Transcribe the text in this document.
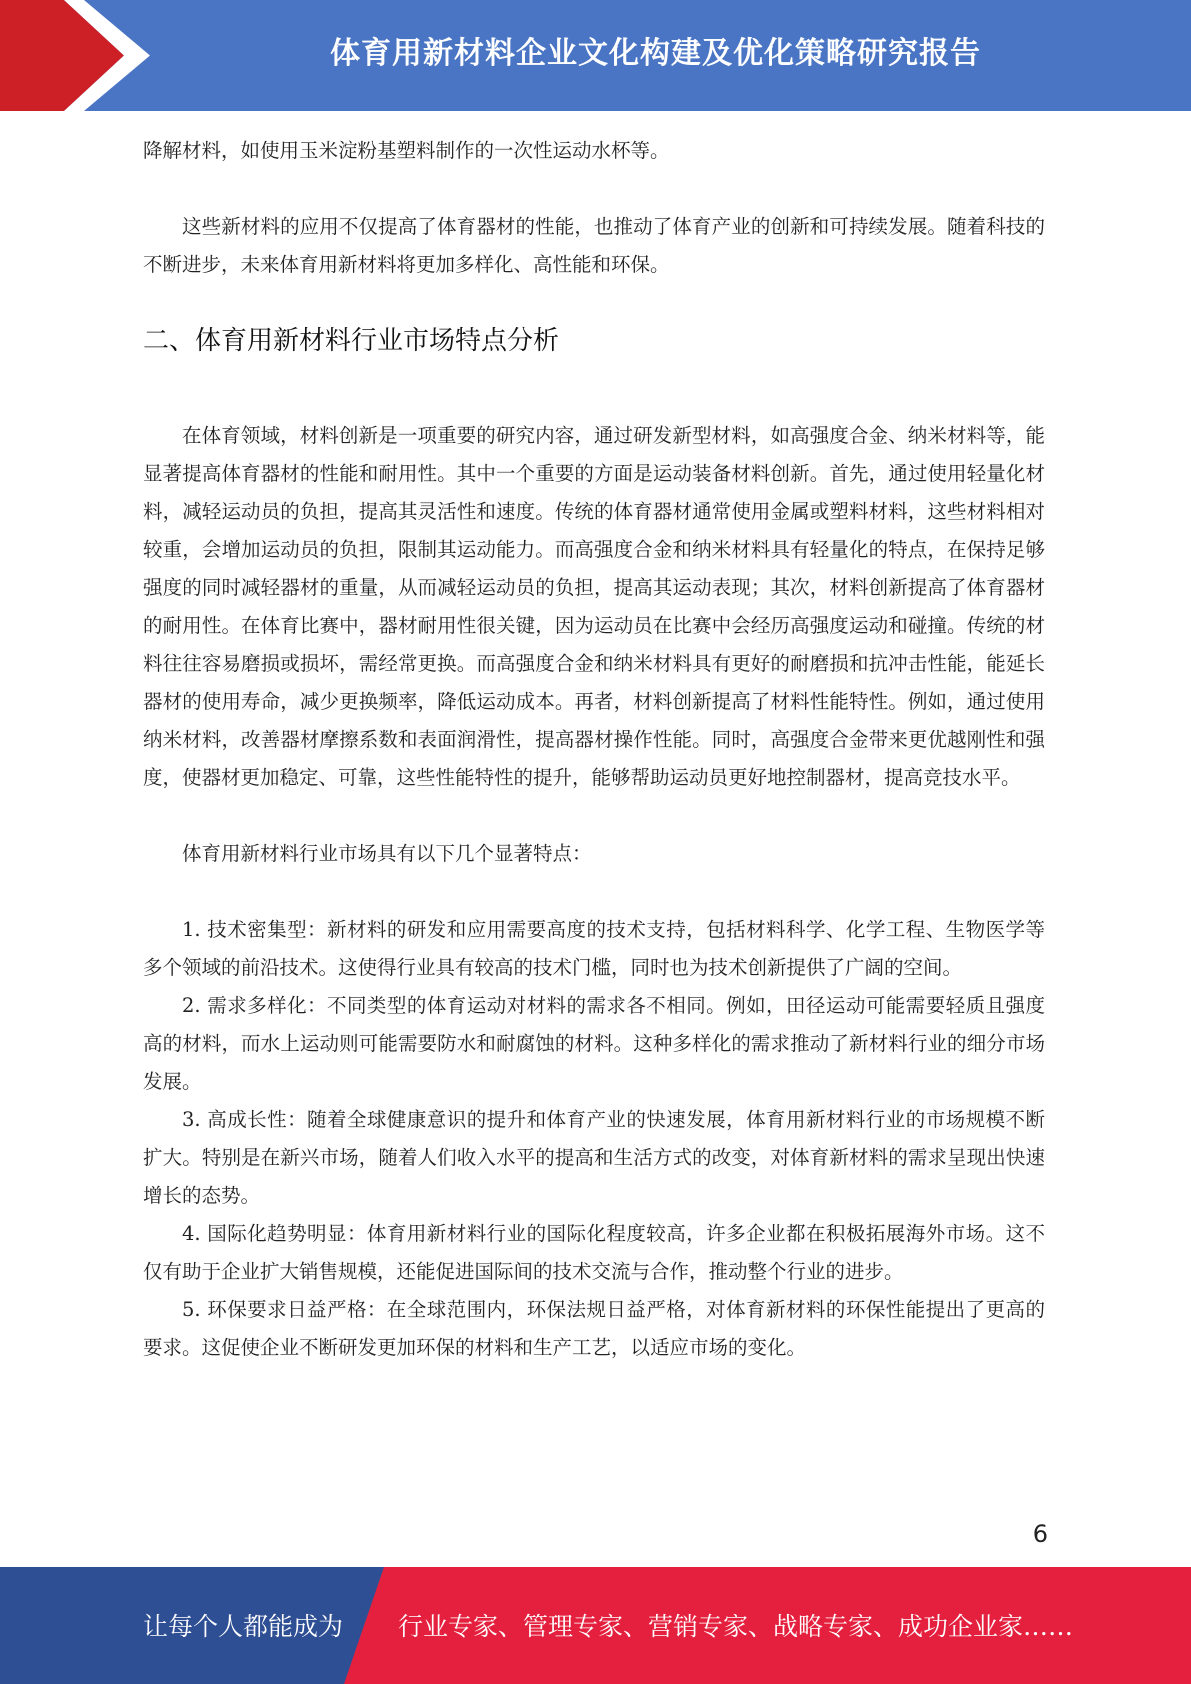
体育用新材料企业文化构建及优化策略研究报告

降解材料，如使用玉米淀粉基塑料制作的一次性运动水杯等。

这些新材料的应用不仅提高了体育器材的性能，也推动了体育产业的创新和可持续发展。随着科技的不断进步，未来体育用新材料将更加多样化、高性能和环保。

二、体育用新材料行业市场特点分析

在体育领域，材料创新是一项重要的研究内容，通过研发新型材料，如高强度合金、纳米材料等，能显著提高体育器材的性能和耐用性。其中一个重要的方面是运动装备材料创新。首先，通过使用轻量化材料，减轻运动员的负担，提高其灵活性和速度。传统的体育器材通常使用金属或塑料材料，这些材料相对较重，会增加运动员的负担，限制其运动能力。而高强度合金和纳米材料具有轻量化的特点，在保持足够强度的同时减轻器材的重量，从而减轻运动员的负担，提高其运动表现；其次，材料创新提高了体育器材的耐用性。在体育比赛中，器材耐用性很关键，因为运动员在比赛中会经历高强度运动和碰撞。传统的材料往往容易磨损或损坏，需经常更换。而高强度合金和纳米材料具有更好的耐磨损和抗冲击性能，能延长器材的使用寿命，减少更换频率，降低运动成本。再者，材料创新提高了材料性能特性。例如，通过使用纳米材料，改善器材摩擦系数和表面润滑性，提高器材操作性能。同时，高强度合金带来更优越刚性和强度，使器材更加稳定、可靠，这些性能特性的提升，能够帮助运动员更好地控制器材，提高竞技水平。

体育用新材料行业市场具有以下几个显著特点：

1. 技术密集型：新材料的研发和应用需要高度的技术支持，包括材料科学、化学工程、生物医学等多个领域的前沿技术。这使得行业具有较高的技术门槛，同时也为技术创新提供了广阔的空间。

2. 需求多样化：不同类型的体育运动对材料的需求各不相同。例如，田径运动可能需要轻质且强度高的材料，而水上运动则可能需要防水和耐腐蚀的材料。这种多样化的需求推动了新材料行业的细分市场发展。

3. 高成长性：随着全球健康意识的提升和体育产业的快速发展，体育用新材料行业的市场规模不断扩大。特别是在新兴市场，随着人们收入水平的提高和生活方式的改变，对体育新材料的需求呈现出快速增长的态势。

4. 国际化趋势明显：体育用新材料行业的国际化程度较高，许多企业都在积极拓展海外市场。这不仅有助于企业扩大销售规模，还能促进国际间的技术交流与合作，推动整个行业的进步。

5. 环保要求日益严格：在全球范围内，环保法规日益严格，对体育新材料的环保性能提出了更高的要求。这促使企业不断研发更加环保的材料和生产工艺，以适应市场的变化。

6
让每个人都能成为 行业专家、管理专家、营销专家、战略专家、成功企业家……
